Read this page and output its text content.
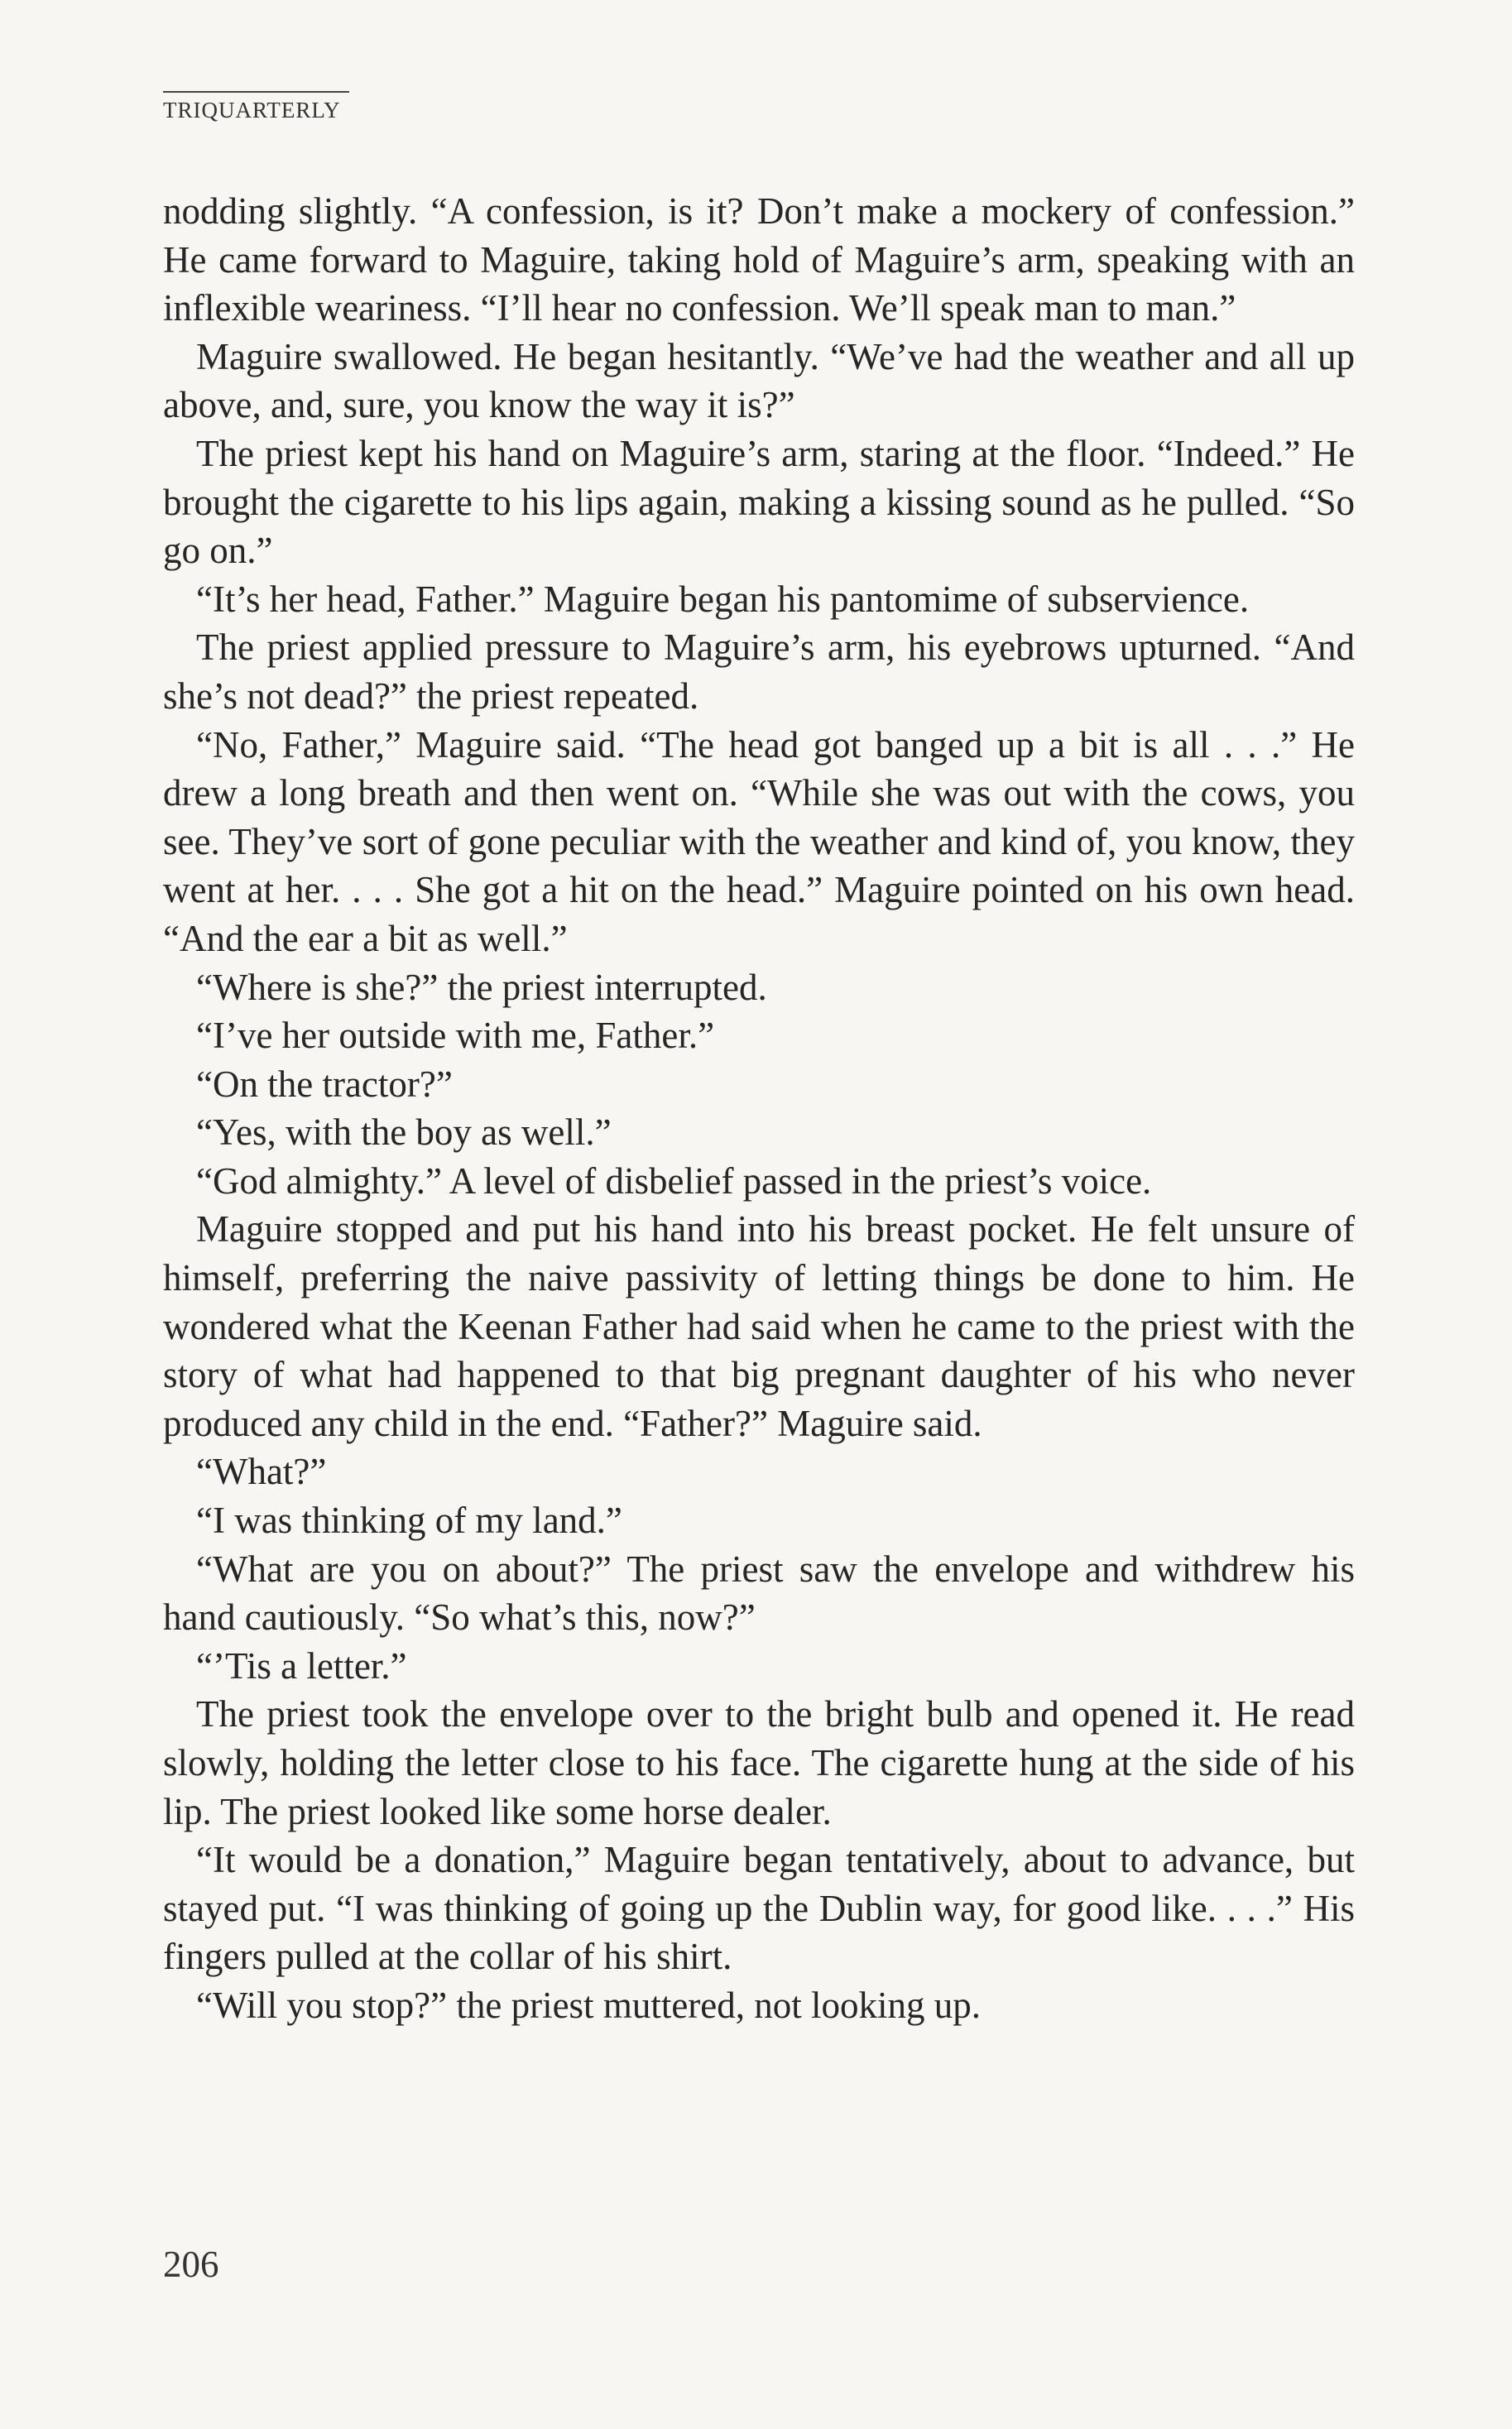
TRIQUARTERLY

nodding slightly. “A confession, is it? Don’t make a mockery of confession.” He came forward to Maguire, taking hold of Maguire’s arm, speaking with an inflexible weariness. “I’ll hear no confession. We’ll speak man to man.”

Maguire swallowed. He began hesitantly. “We’ve had the weather and all up above, and, sure, you know the way it is?”

The priest kept his hand on Maguire’s arm, staring at the floor. “Indeed.” He brought the cigarette to his lips again, making a kissing sound as he pulled. “So go on.”

“It’s her head, Father.” Maguire began his pantomime of subservience.

The priest applied pressure to Maguire’s arm, his eyebrows upturned. “And she’s not dead?” the priest repeated.

“No, Father,” Maguire said. “The head got banged up a bit is all . . .” He drew a long breath and then went on. “While she was out with the cows, you see. They’ve sort of gone peculiar with the weather and kind of, you know, they went at her. . . . She got a hit on the head.” Maguire pointed on his own head. “And the ear a bit as well.”

“Where is she?” the priest interrupted.

“I’ve her outside with me, Father.”

“On the tractor?”

“Yes, with the boy as well.”

“God almighty.” A level of disbelief passed in the priest’s voice.

Maguire stopped and put his hand into his breast pocket. He felt unsure of himself, preferring the naive passivity of letting things be done to him. He wondered what the Keenan Father had said when he came to the priest with the story of what had happened to that big pregnant daughter of his who never produced any child in the end. “Father?” Maguire said.

“What?”

“I was thinking of my land.”

“What are you on about?” The priest saw the envelope and withdrew his hand cautiously. “So what’s this, now?”

“’Tis a letter.”

The priest took the envelope over to the bright bulb and opened it. He read slowly, holding the letter close to his face. The cigarette hung at the side of his lip. The priest looked like some horse dealer.

“It would be a donation,” Maguire began tentatively, about to advance, but stayed put. “I was thinking of going up the Dublin way, for good like. . . .” His fingers pulled at the collar of his shirt.

“Will you stop?” the priest muttered, not looking up.

206
